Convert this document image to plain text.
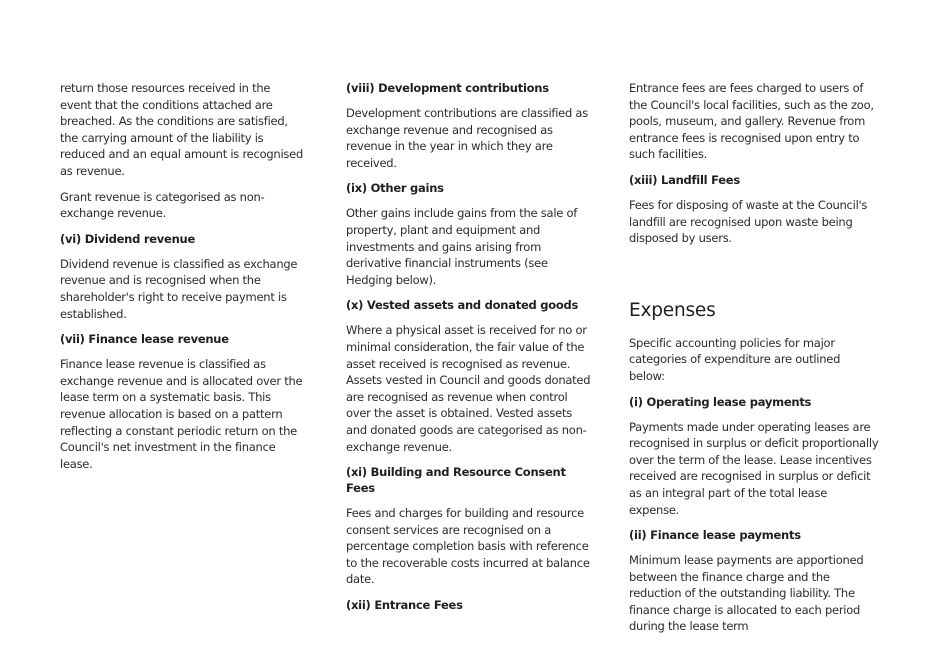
return those resources received in the event that the conditions attached are breached. As the conditions are satisfied, the carrying amount of the liability is reduced and an equal amount is recognised as revenue.

Grant revenue is categorised as non-exchange revenue.

(vi) Dividend revenue

Dividend revenue is classified as exchange revenue and is recognised when the shareholder's right to receive payment is established.

(vii) Finance lease revenue

Finance lease revenue is classified as exchange revenue and is allocated over the lease term on a systematic basis. This revenue allocation is based on a pattern reflecting a constant periodic return on the Council's net investment in the finance lease.

(viii) Development contributions

Development contributions are classified as exchange revenue and recognised as revenue in the year in which they are received.

(ix) Other gains

Other gains include gains from the sale of property, plant and equipment and investments and gains arising from derivative financial instruments (see Hedging below).

(x) Vested assets and donated goods

Where a physical asset is received for no or minimal consideration, the fair value of the asset received is recognised as revenue. Assets vested in Council and goods donated are recognised as revenue when control over the asset is obtained. Vested assets and donated goods are categorised as non-exchange revenue.

(xi) Building and Resource Consent Fees

Fees and charges for building and resource consent services are recognised on a percentage completion basis with reference to the recoverable costs incurred at balance date.

(xii) Entrance Fees

Entrance fees are fees charged to users of the Council's local facilities, such as the zoo, pools, museum, and gallery. Revenue from entrance fees is recognised upon entry to such facilities.

(xiii) Landfill Fees

Fees for disposing of waste at the Council's landfill are recognised upon waste being disposed by users.

Expenses

Specific accounting policies for major categories of expenditure are outlined below:

(i) Operating lease payments

Payments made under operating leases are recognised in surplus or deficit proportionally over the term of the lease. Lease incentives received are recognised in surplus or deficit as an integral part of the total lease expense.

(ii) Finance lease payments

Minimum lease payments are apportioned between the finance charge and the reduction of the outstanding liability. The finance charge is allocated to each period during the lease term
